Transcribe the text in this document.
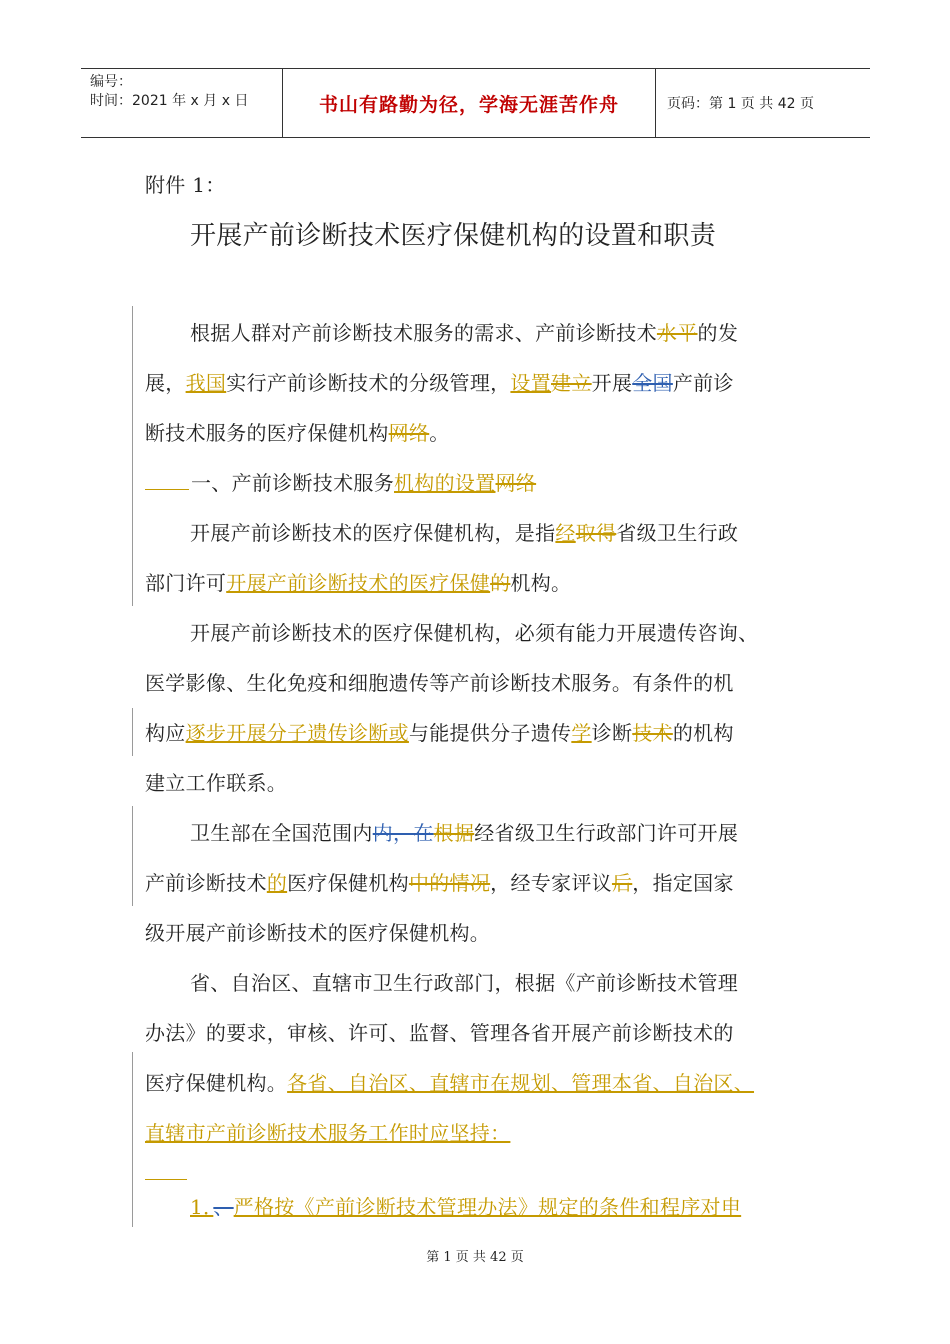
编号：
时间：2021 年 x 月 x 日	书山有路勤为径，学海无涯苦作舟	页码：第 1 页 共 42 页
附件 1：
开展产前诊断技术医疗保健机构的设置和职责
根据人群对产前诊断技术服务的需求、产前诊断技术水平的发
展，我国实行产前诊断技术的分级管理，设置建立开展全国产前诊
断技术服务的医疗保健机构网络。
一、产前诊断技术服务机构的设置网络
开展产前诊断技术的医疗保健机构，是指经取得省级卫生行政
部门许可开展产前诊断技术的医疗保健的机构。
开展产前诊断技术的医疗保健机构，必须有能力开展遗传咨询、
医学影像、生化免疫和细胞遗传等产前诊断技术服务。有条件的机
构应逐步开展分子遗传诊断或与能提供分子遗传学诊断技术的机构
建立工作联系。
卫生部在全国范围内内，在根据经省级卫生行政部门许可开展
产前诊断技术的医疗保健机构中的情况，经专家评议后，指定国家
级开展产前诊断技术的医疗保健机构。
省、自治区、直辖市卫生行政部门，根据《产前诊断技术管理
办法》的要求，审核、许可、监督、管理各省开展产前诊断技术的
医疗保健机构。各省、自治区、直辖市在规划、管理本省、自治区、
直辖市产前诊断技术服务工作时应坚持：
1．、严格按《产前诊断技术管理办法》规定的条件和程序对申
第 1 页 共 42 页
